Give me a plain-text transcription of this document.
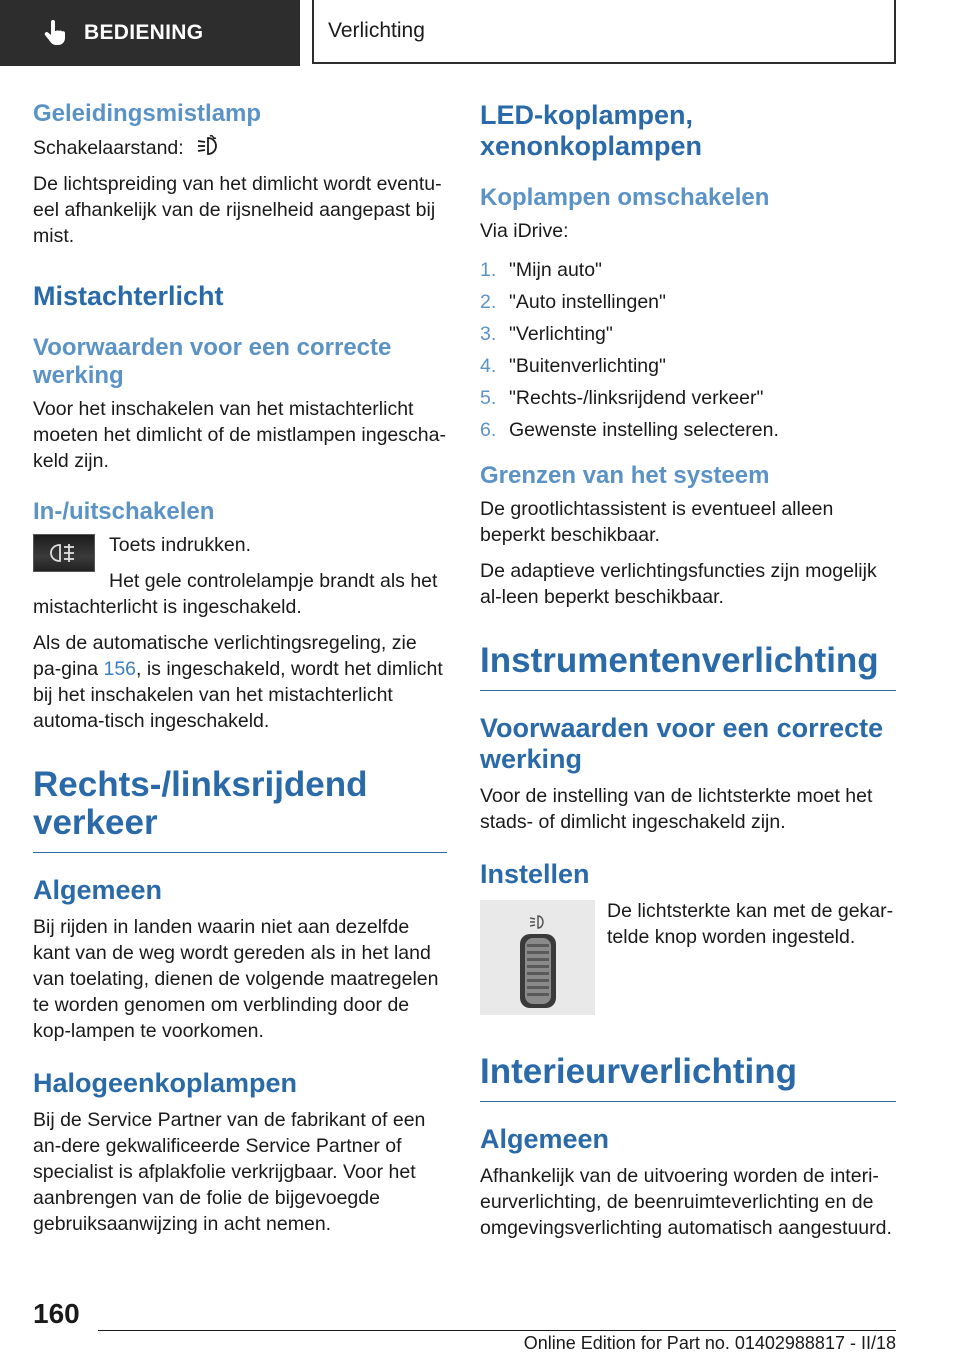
BEDIENING	Verlichting
Geleidingsmistlamp

Schakelaarstand:

De lichtspreiding van het dimlicht wordt eventu-eel afhankelijk van de rijsnelheid aangepast bij mist.

Mistachterlicht
Voorwaarden voor een correcte werking

Voor het inschakelen van het mistachterlicht moeten het dimlicht of de mistlampen ingescha-keld zijn.

In-/uitschakelen

Toets indrukken.

Het gele controlelampje brandt als het mistachterlicht is ingeschakeld.

Als de automatische verlichtingsregeling, zie pa-gina 156, is ingeschakeld, wordt het dimlicht bij het inschakelen van het mistachterlicht automa-tisch ingeschakeld.

Rechts-/linksrijdend verkeer
Algemeen

Bij rijden in landen waarin niet aan dezelfde kant van de weg wordt gereden als in het land van toelating, dienen de volgende maatregelen te worden genomen om verblinding door de kop-lampen te voorkomen.

Halogeenkoplampen

Bij de Service Partner van de fabrikant of een an-dere gekwalificeerde Service Partner of specialist is afplakfolie verkrijgbaar. Voor het aanbrengen van de folie de bijgevoegde gebruiksaanwijzing in acht nemen.

LED-koplampen, xenonkoplampen
Koplampen omschakelen

Via iDrive:

1. "Mijn auto"
2. "Auto instellingen"
3. "Verlichting"
4. "Buitenverlichting"
5. "Rechts-/linksrijdend verkeer"
6. Gewenste instelling selecteren.
Grenzen van het systeem

De grootlichtassistent is eventueel alleen beperkt beschikbaar.

De adaptieve verlichtingsfuncties zijn mogelijk al-leen beperkt beschikbaar.

Instrumentenverlichting
Voorwaarden voor een correcte werking

Voor de instelling van de lichtsterkte moet het stads- of dimlicht ingeschakeld zijn.

Instellen

De lichtsterkte kan met de gekar-telde knop worden ingesteld.

Interieurverlichting
Algemeen

Afhankelijk van de uitvoering worden de interi-eurverlichting, de beenruimteverlichting en de omgevingsverlichting automatisch aangestuurd.

160
Online Edition for Part no. 01402988817 - II/18
